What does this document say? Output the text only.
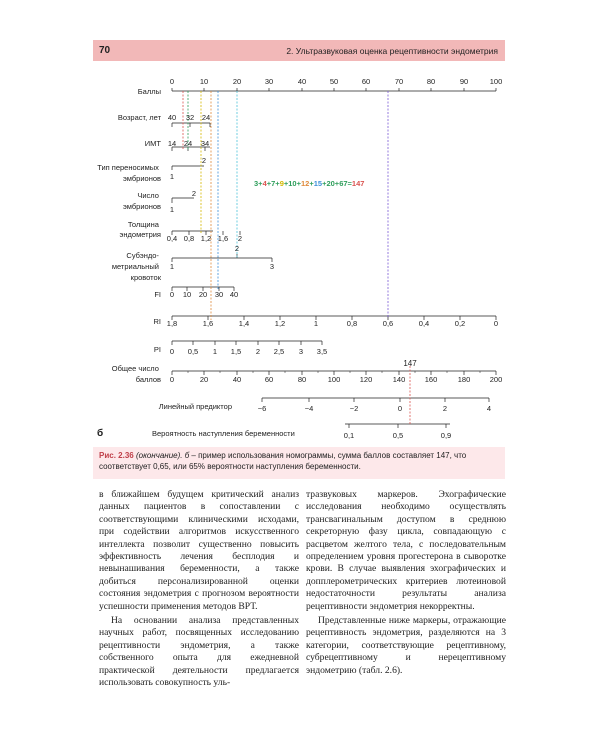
70	2. Ультразвуковая оценка рецептивности эндометрия
Баллы
Возраст, лет
ИМТ
Тип переносимых эмбрионов
Число эмбрионов
Толщина эндометрия
Субэндо- метриальный кровоток
FI
RI
PI
Общее число баллов
Линейный предиктор
Вероятность наступления беременности
б
0	10	20	30	40	50	60	70	80	90	100
40 32 24
14 24 34
2
1
2
1
0,4 0,8 1,2 1,6 2
2
1	3
0 10 20 30 40
1,8	1,6	1,4	1,2	1	0,8	0,6	0,4	0,2	0
0 0,5 1 1,5 2 2,5 3 3,5
0	20	40	60	80	100	120	140	160	180	200
−6	−4	−2	0	2	4
0,1	0,5	0,9
147
3+4+7+9+10+12+15+20+67=147

Рис. 2.36 (окончание). б – пример использования номограммы, сумма баллов составляет 147, что соответствует 0,65, или 65% вероятности наступления беременности.

в ближайшем будущем критический анализ данных пациентов в сопоставлении с соответствующими клиническими исходами, при содействии алгоритмов искусственного интеллекта позволит существенно повысить эффективность лечения бесплодия и невынашивания беременности, а также добиться персонализированной оценки состояния эндометрия с прогнозом вероятности успешности применения методов ВРТ.

На основании анализа представленных научных работ, посвященных исследованию рецептивности эндометрия, а также собственного опыта для ежедневной практической деятельности предлагается использовать совокупность уль-

тразвуковых маркеров. Эхографические исследования необходимо осуществлять трансвагинальным доступом в среднюю секреторную фазу цикла, совпадающую с расцветом желтого тела, с последовательным определением уровня прогестерона в сыворотке крови. В случае выявления эхографических и допплерометрических критериев лютеиновой недостаточности результаты анализа рецептивности эндометрия некорректны.

Представленные ниже маркеры, отражающие рецептивность эндометрия, разделяются на 3 категории, соответствующие рецептивному, субрецептивному и нерецептивному эндометрию (табл. 2.6).
